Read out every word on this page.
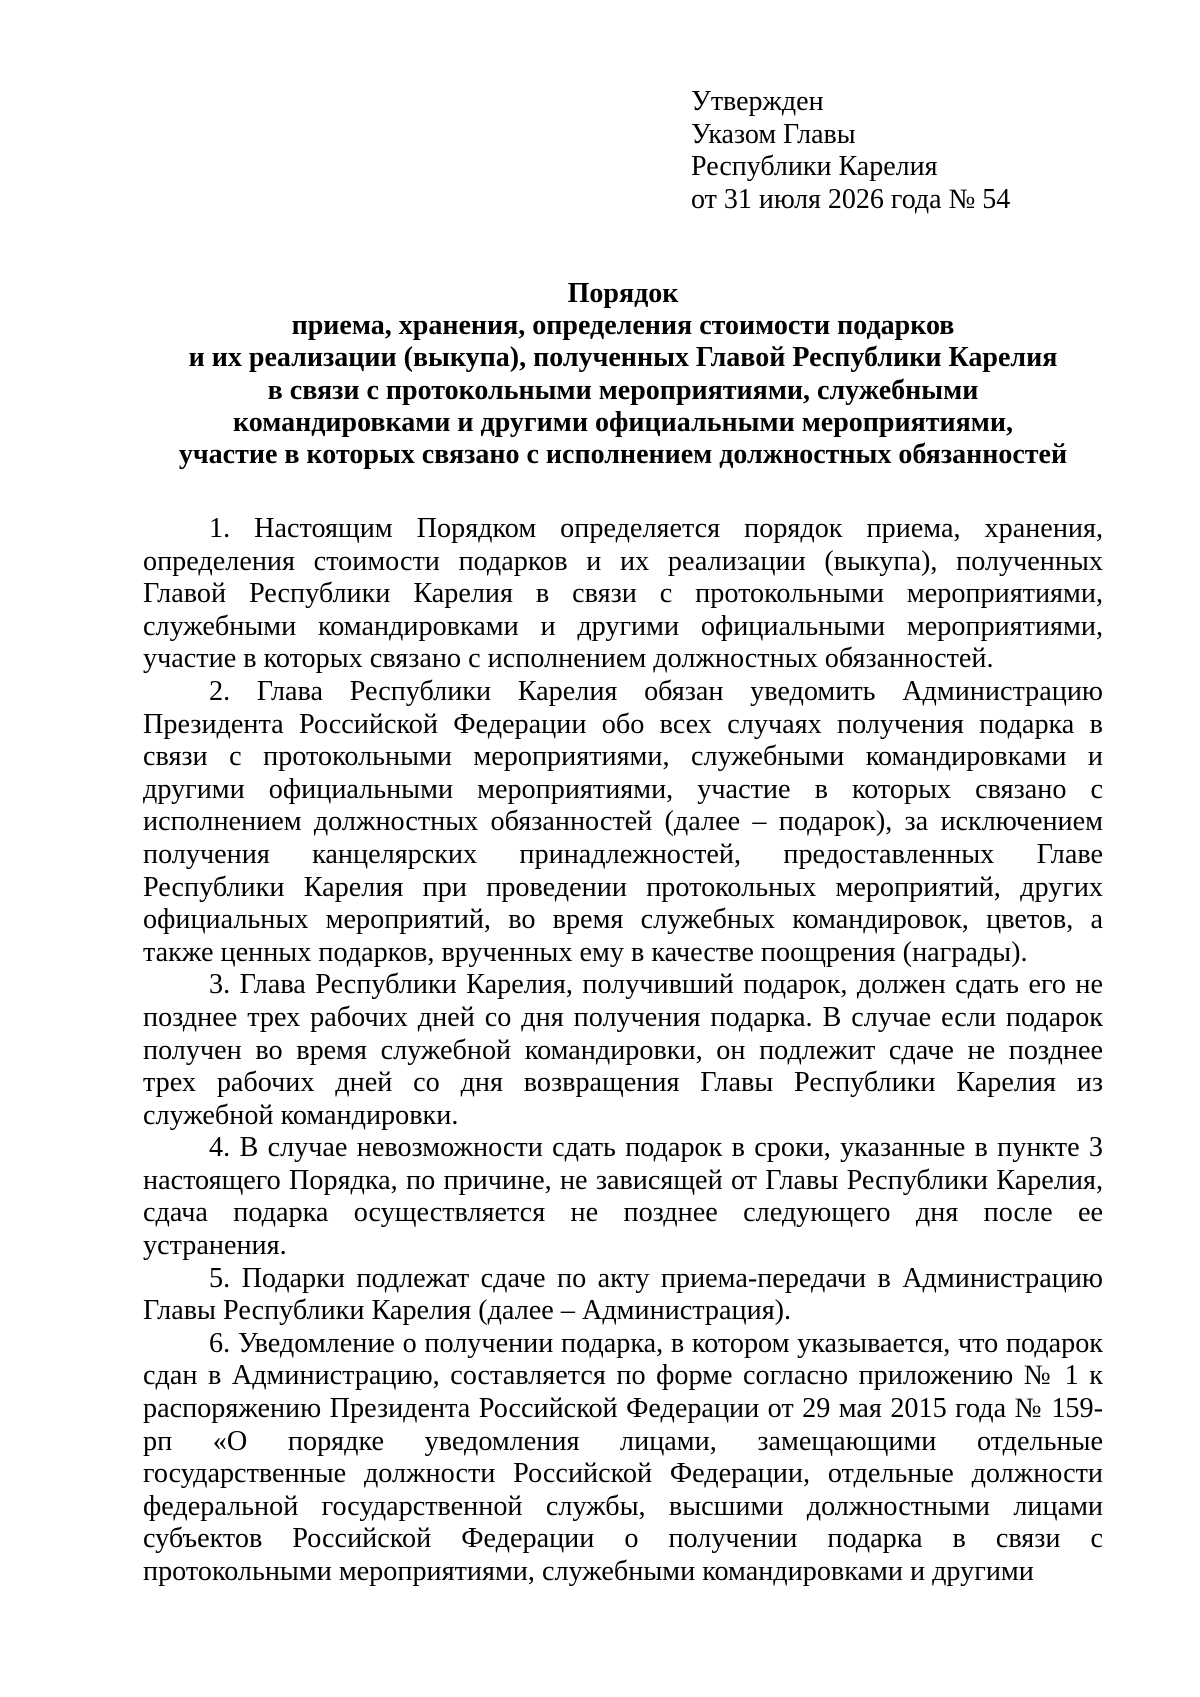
Утвержден
Указом Главы
Республики Карелия
от 31 июля 2026 года № 54
Порядок
приема, хранения, определения стоимости подарков
и их реализации (выкупа), полученных Главой Республики Карелия
в связи с протокольными мероприятиями, служебными
командировками и другими официальными мероприятиями,
участие в которых связано с исполнением должностных обязанностей

1. Настоящим Порядком определяется порядок приема, хранения, определения стоимости подарков и их реализации (выкупа), полученных Главой Республики Карелия в связи с протокольными мероприятиями, служебными командировками и другими официальными мероприятиями, участие в которых связано с исполнением должностных обязанностей.

2. Глава Республики Карелия обязан уведомить Администрацию Президента Российской Федерации обо всех случаях получения подарка в связи с протокольными мероприятиями, служебными командировками и другими официальными мероприятиями, участие в которых связано с исполнением должностных обязанностей (далее – подарок), за исключением получения канцелярских принадлежностей, предоставленных Главе Республики Карелия при проведении протокольных мероприятий, других официальных мероприятий, во время служебных командировок, цветов, а также ценных подарков, врученных ему в качестве поощрения (награды).

3. Глава Республики Карелия, получивший подарок, должен сдать его не позднее трех рабочих дней со дня получения подарка. В случае если подарок получен во время служебной командировки, он подлежит сдаче не позднее трех рабочих дней со дня возвращения Главы Республики Карелия из служебной командировки.

4. В случае невозможности сдать подарок в сроки, указанные в пункте 3 настоящего Порядка, по причине, не зависящей от Главы Республики Карелия, сдача подарка осуществляется не позднее следующего дня после ее устранения.

5. Подарки подлежат сдаче по акту приема-передачи в Администрацию Главы Республики Карелия (далее – Администрация).

6. Уведомление о получении подарка, в котором указывается, что подарок сдан в Администрацию, составляется по форме согласно приложению № 1 к распоряжению Президента Российской Федерации от 29 мая 2015 года № 159-рп «О порядке уведомления лицами, замещающими отдельные государственные должности Российской Федерации, отдельные должности федеральной государственной службы, высшими должностными лицами субъектов Российской Федерации о получении подарка в связи с протокольными мероприятиями, служебными командировками и другими
